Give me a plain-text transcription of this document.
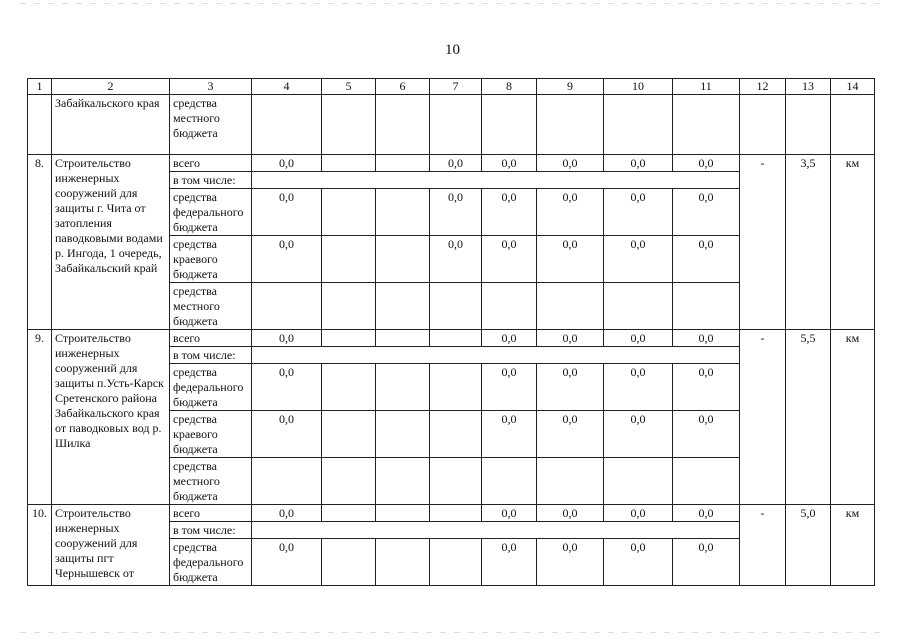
10
1	2	3	4	5	6	7	8	9	10	11	12	13	14
	Забайкальского края	средства местного бюджета											
8.	Строительство инженерных сооружений для защиты г. Чита от затопления паводковыми водами р. Ингода, 1 очередь, Забайкальский край	всего	0,0			0,0	0,0	0,0	0,0	0,0	-	3,5	км
		в том числе:											
		средства федерального бюджета	0,0			0,0	0,0	0,0	0,0	0,0			
		средства краевого бюджета	0,0			0,0	0,0	0,0	0,0	0,0			
		средства местного бюджета											
9.	Строительство инженерных сооружений для защиты п.Усть-Карск Сретенского района Забайкальского края от паводковых вод р. Шилка	всего	0,0				0,0	0,0	0,0	0,0	-	5,5	км
		в том числе:											
		средства федерального бюджета	0,0				0,0	0,0	0,0	0,0			
		средства краевого бюджета	0,0				0,0	0,0	0,0	0,0			
		средства местного бюджета											
10.	Строительство инженерных сооружений для защиты пгт Чернышевск от	всего	0,0				0,0	0,0	0,0	0,0	-	5,0	км
		в том числе:											
		средства федерального бюджета	0,0				0,0	0,0	0,0	0,0			
